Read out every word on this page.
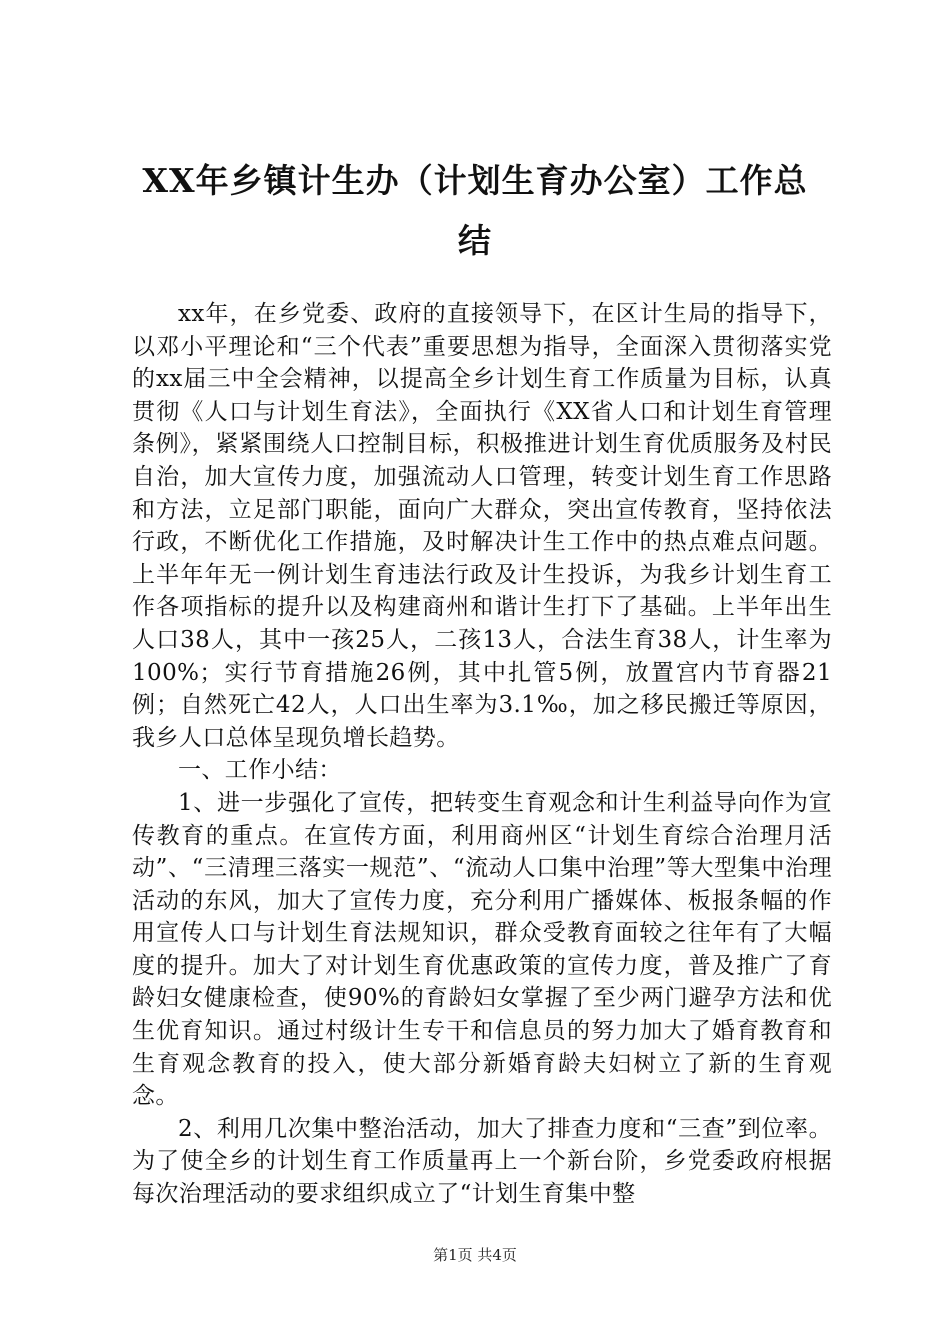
XX年乡镇计生办（计划生育办公室）工作总
结

xx年，在乡党委、政府的直接领导下，在区计生局的指导下，以邓小平理论和“三个代表”重要思想为指导，全面深入贯彻落实党的xx届三中全会精神，以提高全乡计划生育工作质量为目标，认真贯彻《人口与计划生育法》，全面执行《XX省人口和计划生育管理条例》，紧紧围绕人口控制目标，积极推进计划生育优质服务及村民自治，加大宣传力度，加强流动人口管理，转变计划生育工作思路和方法，立足部门职能，面向广大群众，突出宣传教育，坚持依法行政，不断优化工作措施，及时解决计生工作中的热点难点问题。上半年年无一例计划生育违法行政及计生投诉，为我乡计划生育工作各项指标的提升以及构建商州和谐计生打下了基础。上半年出生人口38人，其中一孩25人，二孩13人，合法生育38人，计生率为100%；实行节育措施26例，其中扎管5例，放置宫内节育器21例；自然死亡42人，人口出生率为3.1‰，加之移民搬迁等原因，我乡人口总体呈现负增长趋势。

一、工作小结：

1、进一步强化了宣传，把转变生育观念和计生利益导向作为宣传教育的重点。在宣传方面，利用商州区“计划生育综合治理月活动”、“三清理三落实一规范”、“流动人口集中治理”等大型集中治理活动的东风，加大了宣传力度，充分利用广播媒体、板报条幅的作用宣传人口与计划生育法规知识，群众受教育面较之往年有了大幅度的提升。加大了对计划生育优惠政策的宣传力度，普及推广了育龄妇女健康检查，使90%的育龄妇女掌握了至少两门避孕方法和优生优育知识。通过村级计生专干和信息员的努力加大了婚育教育和生育观念教育的投入，使大部分新婚育龄夫妇树立了新的生育观念。

2、利用几次集中整治活动，加大了排查力度和“三查”到位率。为了使全乡的计划生育工作质量再上一个新台阶，乡党委政府根据每次治理活动的要求组织成立了“计划生育集中整

第1页 共4页
